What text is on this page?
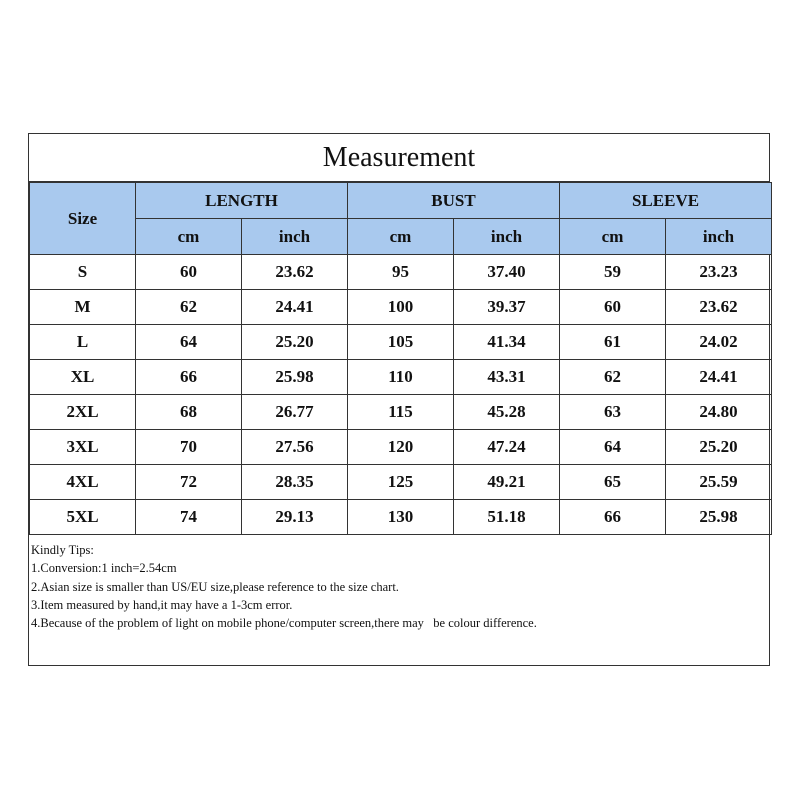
Measurement
Size	LENGTH		BUST		SLEEVE	
	cm	inch	cm	inch	cm	inch
S	60	23.62	95	37.40	59	23.23
M	62	24.41	100	39.37	60	23.62
L	64	25.20	105	41.34	61	24.02
XL	66	25.98	110	43.31	62	24.41
2XL	68	26.77	115	45.28	63	24.80
3XL	70	27.56	120	47.24	64	25.20
4XL	72	28.35	125	49.21	65	25.59
5XL	74	29.13	130	51.18	66	25.98
Kindly Tips:
1.Conversion:1 inch=2.54cm
2.Asian size is smaller than US/EU size,please reference to the size chart.
3.Item measured by hand,it may have a 1-3cm error.
4.Because of the problem of light on mobile phone/computer screen,there may   be colour difference.
